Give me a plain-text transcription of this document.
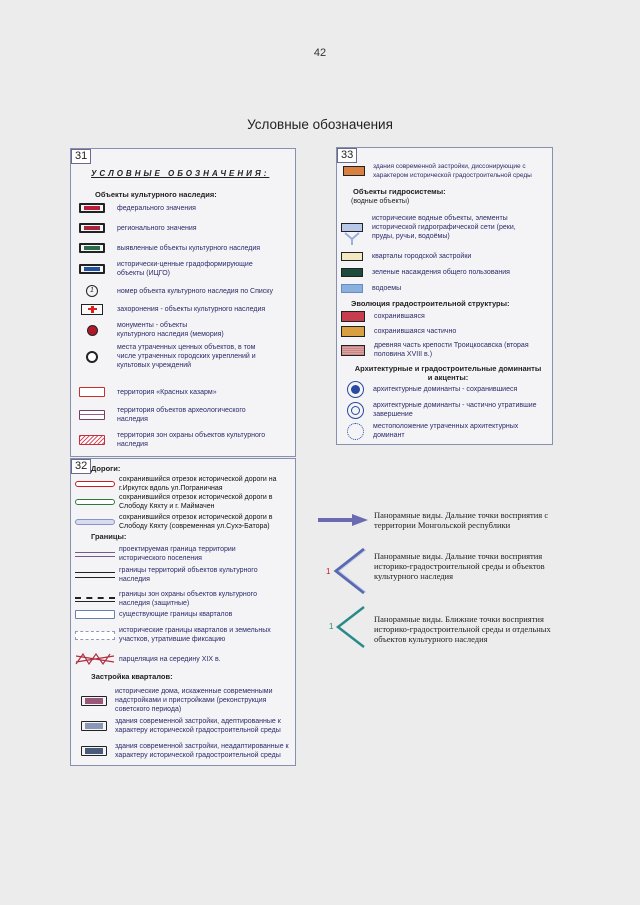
42
Условные обозначения
31
УСЛОВНЫЕ ОБОЗНАЧЕНИЯ:
Объекты культурного наследия:
федерального значения
регионального значения
выявленные объекты культурного наследия
исторически-ценные градоформирующие объекты (ИЦГО)
1	номер объекта культурного наследия по Списку
захоронения - объекты культурного наследия
монументы - объекты культурного наследия (мемория)
места утраченных ценных объектов, в том числе утраченных городских укреплений и культовых учреждений
территория «Красных казарм»
территория объектов археологического наследия
территория зон охраны объектов культурного наследия
32 Дороги:
сохранившийся отрезок исторической дороги на г.Иркутск вдоль ул.Пограничная
сохранившийся отрезок исторической дороги в Слободу Кяхту и г. Маймачен
сохранившийся отрезок исторической дороги в Слободу Кяхту (современная ул.Сухэ-Батора)
Границы:
проектируемая граница территории исторического поселения
границы территорий объектов культурного наследия
границы зон охраны объектов культурного наследия (защитные)
существующие границы кварталов
исторические границы кварталов и земельных участков, утратившие фиксацию
парцеляция на середину XIX в.
Застройка кварталов:
исторические дома, искаженные современными надстройками и пристройками (реконструкция советского периода)
здания современной застройки, адептированные к характеру исторической градостроительной среды
здания современной застройки, неадаптированные к характеру исторической градостроительной среды
33
здания современной застройки, диссонирующие с характером исторической градостроительной среды
Объекты гидросистемы:
(водные объекты)
исторические водные объекты, элементы исторической гидрографической сети (реки, пруды, ручьи, водоёмы)
кварталы городской застройки
зеленые насаждения общего пользования
водоемы
Эволюция градостроительной структуры:
сохранившаяся
сохранившаяся частично
древняя часть крепости Троицкосавска (вторая половина XVIII в.)
Архитектурные и градостроительные доминанты и акценты:
архитектурные доминанты - сохранившиеся
архитектурные доминанты - частично утратившие завершение
местоположение утраченных архитектурных доминант
Панорамные виды. Дальние точки восприятия с территории Монгольской республики
1
Панорамные виды. Дальние точки восприятия историко-градостроительной среды и объектов культурного наследия
1
Панорамные виды. Ближние точки восприятия историко-градостроительной среды и отдельных объектов культурного наследия
